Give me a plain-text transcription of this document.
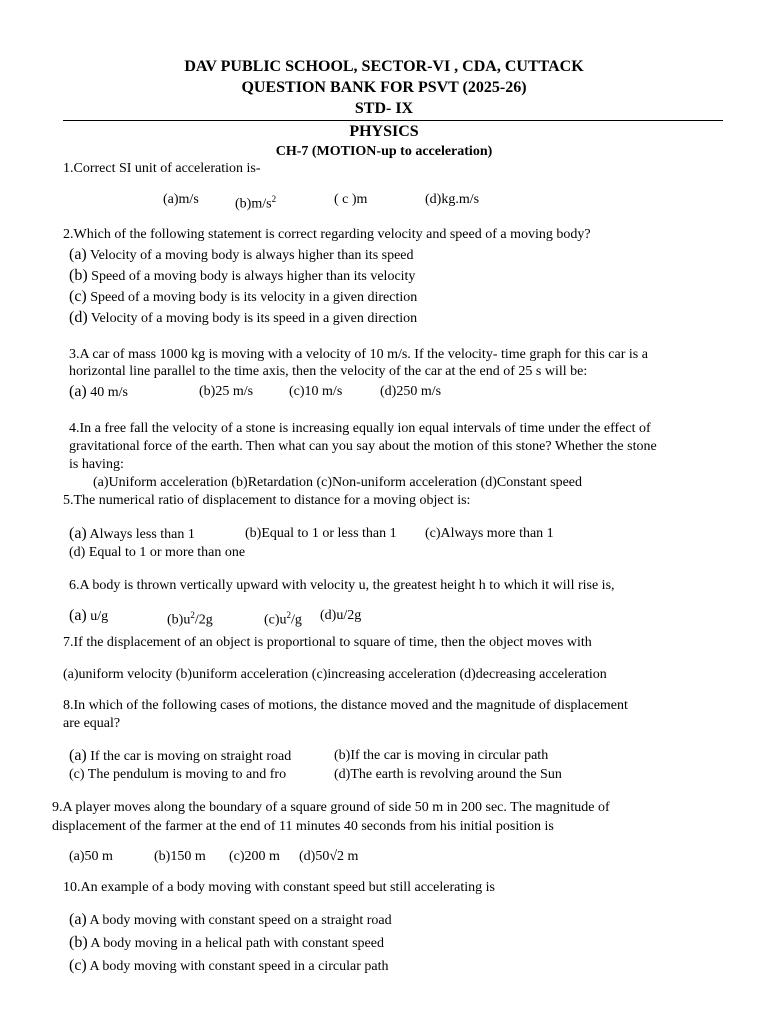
DAV PUBLIC SCHOOL, SECTOR-VI , CDA, CUTTACK
QUESTION BANK FOR PSVT (2025-26)
STD- IX
PHYSICS
CH-7 (MOTION-up to acceleration)
1.Correct SI unit of acceleration is-
(a)m/s	$(b)m/s^2$	( c )m	(d)kg.m/s
2.Which of the following statement is correct regarding velocity and speed of a moving body?
(a) Velocity of a moving body is always higher than its speed
(b) Speed of a moving body is always higher than its velocity
(c) Speed of a moving body is its velocity in a given direction
(d) Velocity of a moving body is its speed in a given direction
3.A car of mass 1000 kg is moving with a velocity of 10 m/s. If the velocity- time graph for this car is a
horizontal line parallel to the time axis, then the velocity of the car at the end of 25 s will be:
(a) 40 m/s	(b)25 m/s	(c)10 m/s	(d)250 m/s
4.In a free fall the velocity of a stone is increasing equally ion equal intervals of time under the effect of
gravitational force of the earth. Then what can you say about the motion of this stone? Whether the stone
is having:
(a)Uniform acceleration (b)Retardation (c)Non-uniform acceleration (d)Constant speed
5.The numerical ratio of displacement to distance for a moving object is:
(a) Always less than 1	(b)Equal to 1 or less than 1 (c)Always more than 1
(d) Equal to 1 or more than one
6.A body is thrown vertically upward with velocity u, the greatest height h to which it will rise is,
(a) u/g	$(b)u^2/2g$	$(c)u^2/g$ (d)u/2g
7.If the displacement of an object is proportional to square of time, then the object moves with
(a)uniform velocity (b)uniform acceleration (c)increasing acceleration (d)decreasing acceleration
8.In which of the following cases of motions, the distance moved and the magnitude of displacement
are equal?
(a) If the car is moving on straight road	(b)If the car is moving in circular path
(c) The pendulum is moving to and fro	(d)The earth is revolving around the Sun
9.A player moves along the boundary of a square ground of side 50 m in 200 sec. The magnitude of
displacement of the farmer at the end of 11 minutes 40 seconds from his initial position is
(a)50 m	(b)150 m (c)200 m (d)50√2 m
10.An example of a body moving with constant speed but still accelerating is
(a) A body moving with constant speed on a straight road
(b) A body moving in a helical path with constant speed
(c) A body moving with constant speed in a circular path
